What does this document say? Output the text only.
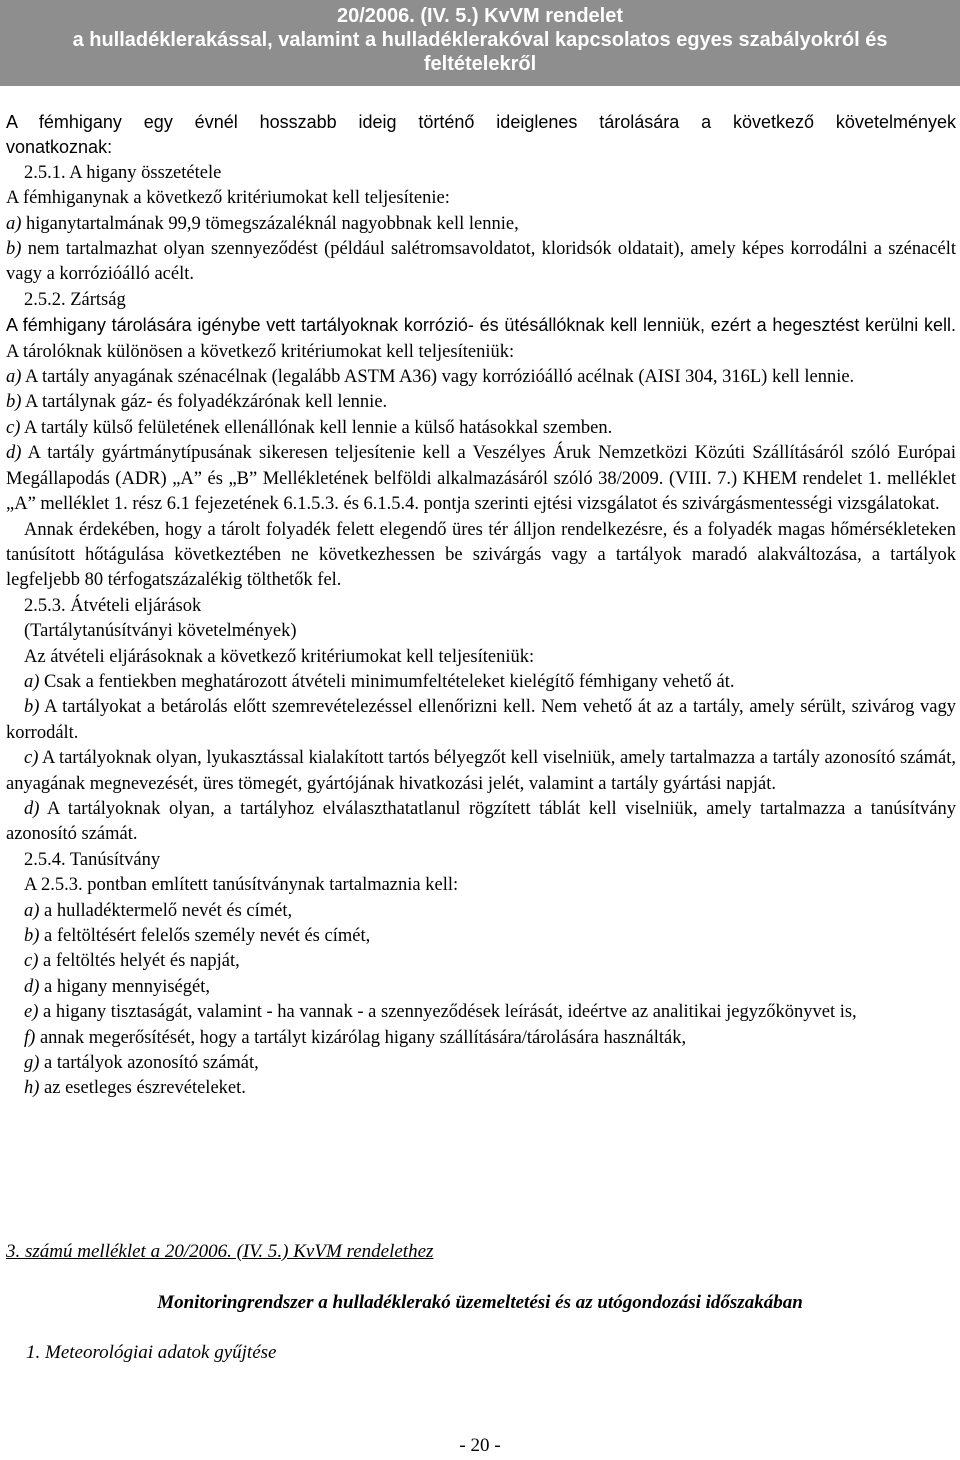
20/2006. (IV. 5.) KvVM rendelet
a hulladéklerakással, valamint a hulladéklerakóval kapcsolatos egyes szabályokról és
feltételekről

A fémhigany egy évnél hosszabb ideig történő ideiglenes tárolására a következő követelmények

vonatkoznak:

2.5.1. A higany összetétele

A fémhiganynak a következő kritériumokat kell teljesítenie:

a) higanytartalmának 99,9 tömegszázaléknál nagyobbnak kell lennie,

b) nem tartalmazhat olyan szennyeződést (például salétromsavoldatot, kloridsók oldatait), amely képes korrodálni a szénacélt vagy a korrózióálló acélt.

2.5.2. Zártság

A fémhigany tárolására igénybe vett tartályoknak korrózió- és ütésállóknak kell lenniük, ezért a hegesztést kerülni kell. A tárolóknak különösen a következő kritériumokat kell teljesíteniük:

a) A tartály anyagának szénacélnak (legalább ASTM A36) vagy korrózióálló acélnak (AISI 304, 316L) kell lennie.

b) A tartálynak gáz- és folyadékzárónak kell lennie.

c) A tartály külső felületének ellenállónak kell lennie a külső hatásokkal szemben.

d) A tartály gyártmánytípusának sikeresen teljesítenie kell a Veszélyes Áruk Nemzetközi Közúti Szállításáról szóló Európai Megállapodás (ADR) „A” és „B” Mellékletének belföldi alkalmazásáról szóló 38/2009. (VIII. 7.) KHEM rendelet 1. melléklet „A” melléklet 1. rész 6.1 fejezetének 6.1.5.3. és 6.1.5.4. pontja szerinti ejtési vizsgálatot és szivárgásmentességi vizsgálatokat.

Annak érdekében, hogy a tárolt folyadék felett elegendő üres tér álljon rendelkezésre, és a folyadék magas hőmérsékleteken tanúsított hőtágulása következtében ne következhessen be szivárgás vagy a tartályok maradó alakváltozása, a tartályok legfeljebb 80 térfogatszázalékig tölthetők fel.

2.5.3. Átvételi eljárások

(Tartálytanúsítványi követelmények)

Az átvételi eljárásoknak a következő kritériumokat kell teljesíteniük:

a) Csak a fentiekben meghatározott átvételi minimumfeltételeket kielégítő fémhigany vehető át.

b) A tartályokat a betárolás előtt szemrevételezéssel ellenőrizni kell. Nem vehető át az a tartály, amely sérült, szivárog vagy korrodált.

c) A tartályoknak olyan, lyukasztással kialakított tartós bélyegzőt kell viselniük, amely tartalmazza a tartály azonosító számát, anyagának megnevezését, üres tömegét, gyártójának hivatkozási jelét, valamint a tartály gyártási napját.

d) A tartályoknak olyan, a tartályhoz elválaszthatatlanul rögzített táblát kell viselniük, amely tartalmazza a tanúsítvány azonosító számát.

2.5.4. Tanúsítvány

A 2.5.3. pontban említett tanúsítványnak tartalmaznia kell:

a) a hulladéktermelő nevét és címét,

b) a feltöltésért felelős személy nevét és címét,

c) a feltöltés helyét és napját,

d) a higany mennyiségét,

e) a higany tisztaságát, valamint - ha vannak - a szennyeződések leírását, ideértve az analitikai jegyzőkönyvet is,

f) annak megerősítését, hogy a tartályt kizárólag higany szállítására/tárolására használták,

g) a tartályok azonosító számát,

h) az esetleges észrevételeket.

3. számú melléklet a 20/2006. (IV. 5.) KvVM rendelethez
Monitoringrendszer a hulladéklerakó üzemeltetési és az utógondozási időszakában
1. Meteorológiai adatok gyűjtése
- 20 -
